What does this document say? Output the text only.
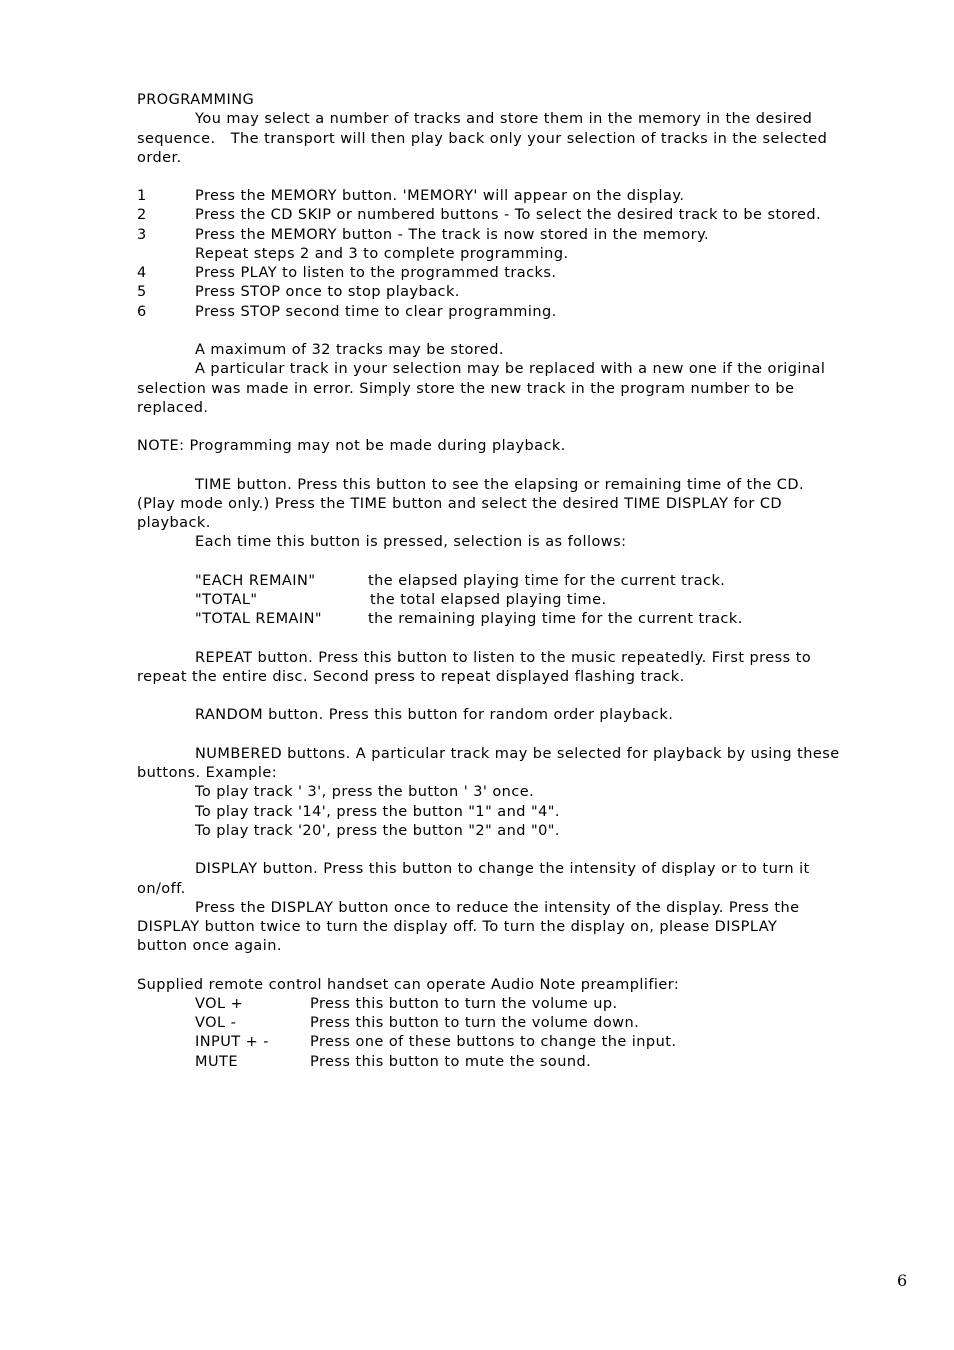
PROGRAMMING
You may select a number of tracks and store them in the memory in the desired
sequence.   The transport will then play back only your selection of tracks in the selected
order.
1	Press the MEMORY button. 'MEMORY' will appear on the display.
2	Press the CD SKIP or numbered buttons - To select the desired track to be stored.
3	Press the MEMORY button - The track is now stored in the memory.
Repeat steps 2 and 3 to complete programming.
4	Press PLAY to listen to the programmed tracks.
5	Press STOP once to stop playback.
6	Press STOP second time to clear programming.
A maximum of 32 tracks may be stored.
A particular track in your selection may be replaced with a new one if the original
selection was made in error. Simply store the new track in the program number to be
replaced.
NOTE: Programming may not be made during playback.
TIME button. Press this button to see the elapsing or remaining time of the CD.
(Play mode only.) Press the TIME button and select the desired TIME DISPLAY for CD
playback.
Each time this button is pressed, selection is as follows:
"EACH REMAIN"	the elapsed playing time for the current track.
"TOTAL"	the total elapsed playing time.
"TOTAL REMAIN"	the remaining playing time for the current track.
REPEAT button. Press this button to listen to the music repeatedly. First press to
repeat the entire disc. Second press to repeat displayed flashing track.
RANDOM button. Press this button for random order playback.
NUMBERED buttons. A particular track may be selected for playback by using these
buttons. Example:
To play track ' 3', press the button ' 3' once.
To play track '14', press the button "1" and "4".
To play track '20', press the button "2" and "0".
DISPLAY button. Press this button to change the intensity of display or to turn it
on/off.
Press the DISPLAY button once to reduce the intensity of the display. Press the
DISPLAY button twice to turn the display off. To turn the display on, please DISPLAY
button once again.
Supplied remote control handset can operate Audio Note preamplifier:
VOL +	Press this button to turn the volume up.
VOL -	Press this button to turn the volume down.
INPUT + -	Press one of these buttons to change the input.
MUTE	Press this button to mute the sound.
6
